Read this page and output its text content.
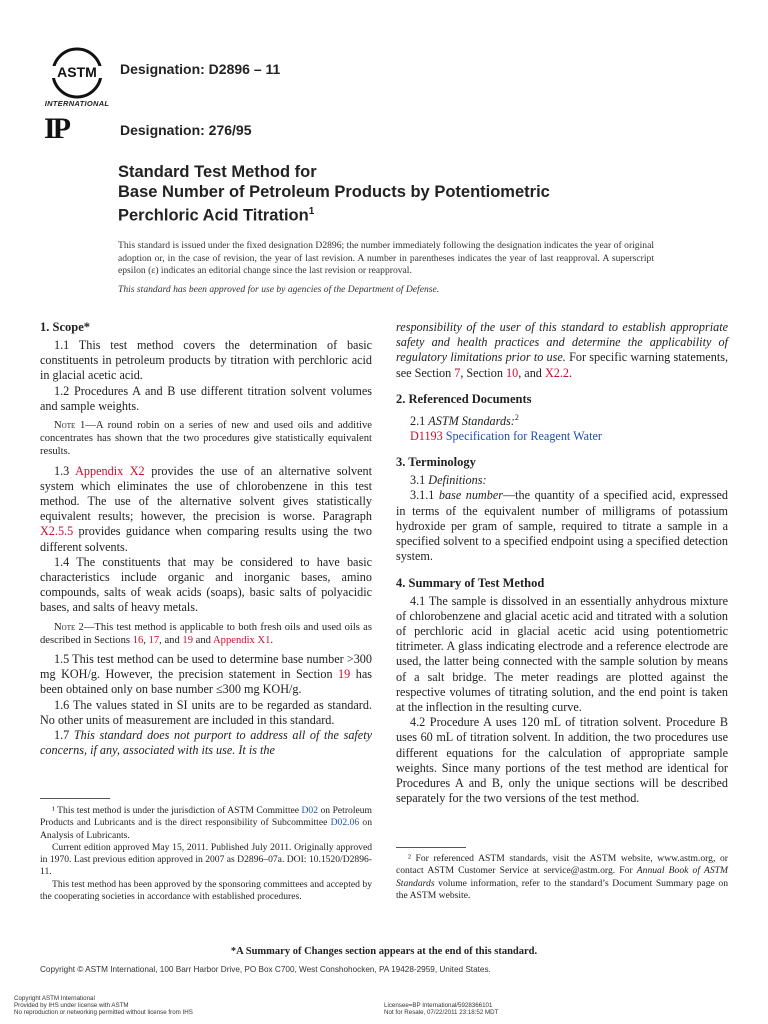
ASTM
INTERNATIONAL
IP
Designation: D2896 – 11
Designation: 276/95
Standard Test Method for
Base Number of Petroleum Products by Potentiometric
Perchloric Acid Titration$^1$
This standard is issued under the fixed designation D2896; the number immediately following the designation indicates the year of original adoption or, in the case of revision, the year of last revision. A number in parentheses indicates the year of last reapproval. A superscript epsilon (ε) indicates an editorial change since the last revision or reapproval.
This standard has been approved for use by agencies of the Department of Defense.

1. Scope*

1.1 This test method covers the determination of basic constituents in petroleum products by titration with perchloric acid in glacial acetic acid.

1.2 Procedures A and B use different titration solvent volumes and sample weights.

Note 1—A round robin on a series of new and used oils and additive concentrates has shown that the two procedures give statistically equivalent results.

1.3 Appendix X2 provides the use of an alternative solvent system which eliminates the use of chlorobenzene in this test method. The use of the alternative solvent gives statistically equivalent results; however, the precision is worse. Paragraph X2.5.5 provides guidance when comparing results using the two different solvents.

1.4 The constituents that may be considered to have basic characteristics include organic and inorganic bases, amino compounds, salts of weak acids (soaps), basic salts of polyacidic bases, and salts of heavy metals.

Note 2—This test method is applicable to both fresh oils and used oils as described in Sections 16, 17, and 19 and Appendix X1.

1.5 This test method can be used to determine base number >300 mg KOH/g. However, the precision statement in Section 19 has been obtained only on base number ≤300 mg KOH/g.

1.6 The values stated in SI units are to be regarded as standard. No other units of measurement are included in this standard.

1.7 This standard does not purport to address all of the safety concerns, if any, associated with its use. It is the

¹ This test method is under the jurisdiction of ASTM Committee D02 on Petroleum Products and Lubricants and is the direct responsibility of Subcommittee D02.06 on Analysis of Lubricants.

Current edition approved May 15, 2011. Published July 2011. Originally approved in 1970. Last previous edition approved in 2007 as D2896–07a. DOI: 10.1520/D2896-11.

This test method has been approved by the sponsoring committees and accepted by the cooperating societies in accordance with established procedures.

responsibility of the user of this standard to establish appropriate safety and health practices and determine the applicability of regulatory limitations prior to use. For specific warning statements, see Section 7, Section 10, and X2.2.

2. Referenced Documents

2.1 ASTM Standards:$^2$

D1193 Specification for Reagent Water

3. Terminology

3.1 Definitions:

3.1.1 base number—the quantity of a specified acid, expressed in terms of the equivalent number of milligrams of potassium hydroxide per gram of sample, required to titrate a sample in a specified solvent to a specified endpoint using a specified detection system.

4. Summary of Test Method

4.1 The sample is dissolved in an essentially anhydrous mixture of chlorobenzene and glacial acetic acid and titrated with a solution of perchloric acid in glacial acetic acid using potentiometric titrimeter. A glass indicating electrode and a reference electrode are used, the latter being connected with the sample solution by means of a salt bridge. The meter readings are plotted against the respective volumes of titrating solution, and the end point is taken at the inflection in the resulting curve.

4.2 Procedure A uses 120 mL of titration solvent. Procedure B uses 60 mL of titration solvent. In addition, the two procedures use different equations for the calculation of appropriate sample weights. Since many portions of the test method are identical for Procedures A and B, only the unique sections will be described separately for the two versions of the test method.

² For referenced ASTM standards, visit the ASTM website, www.astm.org, or contact ASTM Customer Service at service@astm.org. For Annual Book of ASTM Standards volume information, refer to the standard’s Document Summary page on the ASTM website.

*A Summary of Changes section appears at the end of this standard.
Copyright © ASTM International, 100 Barr Harbor Drive, PO Box C700, West Conshohocken, PA 19428-2959, United States.
Copyright ASTM International
Provided by IHS under license with ASTM
No reproduction or networking permitted without license from IHS
Licensee=BP International/5928366101
Not for Resale, 07/22/2011 23:18:52 MDT
